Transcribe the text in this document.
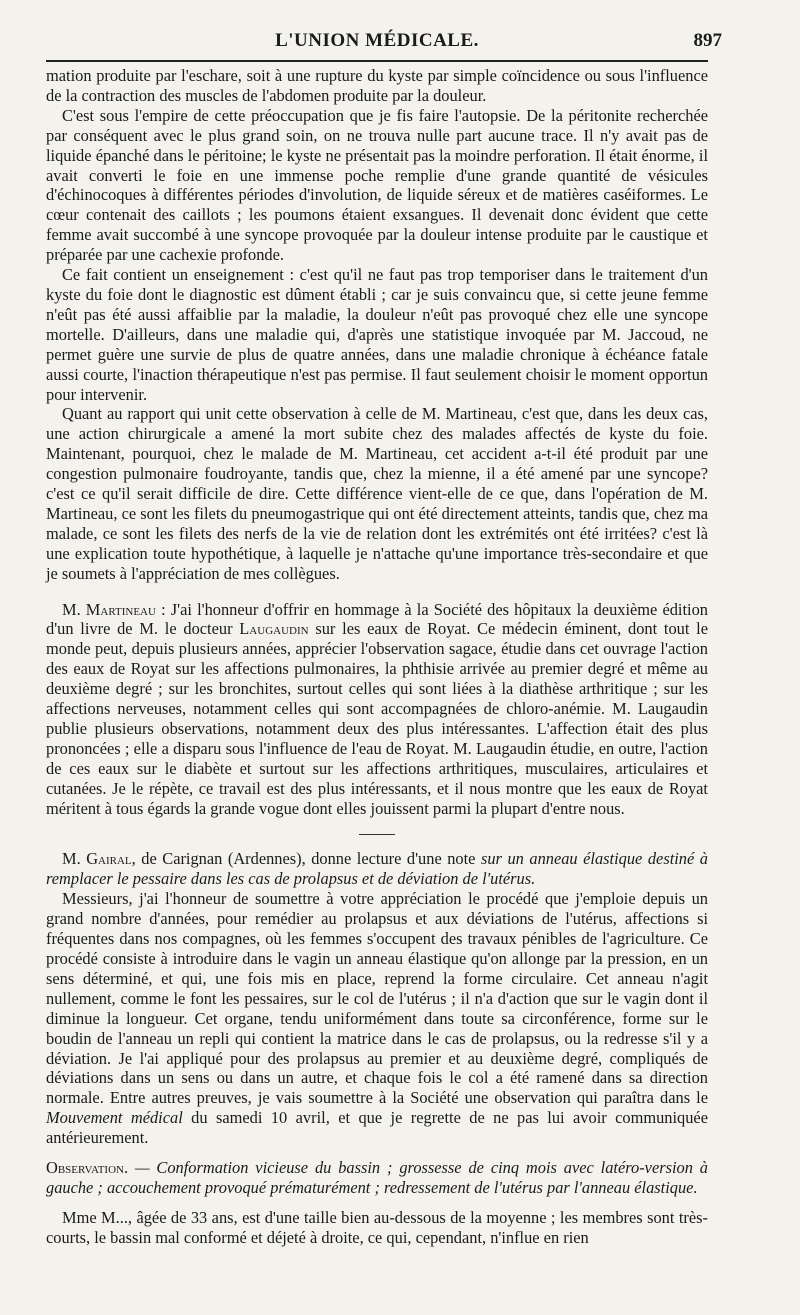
L'UNION MÉDICALE.	897

mation produite par l'eschare, soit à une rupture du kyste par simple coïncidence ou sous l'influence de la contraction des muscles de l'abdomen produite par la douleur.

C'est sous l'empire de cette préoccupation que je fis faire l'autopsie. De la péritonite recherchée par conséquent avec le plus grand soin, on ne trouva nulle part aucune trace. Il n'y avait pas de liquide épanché dans le péritoine; le kyste ne présentait pas la moindre perforation. Il était énorme, il avait converti le foie en une immense poche remplie d'une grande quantité de vésicules d'échinocoques à différentes périodes d'involution, de liquide séreux et de matières caséiformes. Le cœur contenait des caillots ; les poumons étaient exsangues. Il devenait donc évident que cette femme avait succombé à une syncope provoquée par la douleur intense produite par le caustique et préparée par une cachexie profonde.

Ce fait contient un enseignement : c'est qu'il ne faut pas trop temporiser dans le traitement d'un kyste du foie dont le diagnostic est dûment établi ; car je suis convaincu que, si cette jeune femme n'eût pas été aussi affaiblie par la maladie, la douleur n'eût pas provoqué chez elle une syncope mortelle. D'ailleurs, dans une maladie qui, d'après une statistique invoquée par M. Jaccoud, ne permet guère une survie de plus de quatre années, dans une maladie chronique à échéance fatale aussi courte, l'inaction thérapeutique n'est pas permise. Il faut seulement choisir le moment opportun pour intervenir.

Quant au rapport qui unit cette observation à celle de M. Martineau, c'est que, dans les deux cas, une action chirurgicale a amené la mort subite chez des malades affectés de kyste du foie. Maintenant, pourquoi, chez le malade de M. Martineau, cet accident a-t-il été produit par une congestion pulmonaire foudroyante, tandis que, chez la mienne, il a été amené par une syncope? c'est ce qu'il serait difficile de dire. Cette différence vient-elle de ce que, dans l'opération de M. Martineau, ce sont les filets du pneumogastrique qui ont été directement atteints, tandis que, chez ma malade, ce sont les filets des nerfs de la vie de relation dont les extrémités ont été irritées? c'est là une explication toute hypothétique, à laquelle je n'attache qu'une importance très-secondaire et que je soumets à l'appréciation de mes collègues.

M. Martineau : J'ai l'honneur d'offrir en hommage à la Société des hôpitaux la deuxième édition d'un livre de M. le docteur Laugaudin sur les eaux de Royat. Ce médecin éminent, dont tout le monde peut, depuis plusieurs années, apprécier l'observation sagace, étudie dans cet ouvrage l'action des eaux de Royat sur les affections pulmonaires, la phthisie arrivée au premier degré et même au deuxième degré ; sur les bronchites, surtout celles qui sont liées à la diathèse arthritique ; sur les affections nerveuses, notamment celles qui sont accompagnées de chloro-anémie. M. Laugaudin publie plusieurs observations, notamment deux des plus intéressantes. L'affection était des plus prononcées ; elle a disparu sous l'influence de l'eau de Royat. M. Laugaudin étudie, en outre, l'action de ces eaux sur le diabète et surtout sur les affections arthritiques, musculaires, articulaires et cutanées. Je le répète, ce travail est des plus intéressants, et il nous montre que les eaux de Royat méritent à tous égards la grande vogue dont elles jouissent parmi la plupart d'entre nous.

M. Gairal, de Carignan (Ardennes), donne lecture d'une note sur un anneau élastique destiné à remplacer le pessaire dans les cas de prolapsus et de déviation de l'utérus.

Messieurs, j'ai l'honneur de soumettre à votre appréciation le procédé que j'emploie depuis un grand nombre d'années, pour remédier au prolapsus et aux déviations de l'utérus, affections si fréquentes dans nos compagnes, où les femmes s'occupent des travaux pénibles de l'agriculture. Ce procédé consiste à introduire dans le vagin un anneau élastique qu'on allonge par la pression, en un sens déterminé, et qui, une fois mis en place, reprend la forme circulaire. Cet anneau n'agit nullement, comme le font les pessaires, sur le col de l'utérus ; il n'a d'action que sur le vagin dont il diminue la longueur. Cet organe, tendu uniformément dans toute sa circonférence, forme sur le boudin de l'anneau un repli qui contient la matrice dans le cas de prolapsus, ou la redresse s'il y a déviation. Je l'ai appliqué pour des prolapsus au premier et au deuxième degré, compliqués de déviations dans un sens ou dans un autre, et chaque fois le col a été ramené dans sa direction normale. Entre autres preuves, je vais soumettre à la Société une observation qui paraîtra dans le Mouvement médical du samedi 10 avril, et que je regrette de ne pas lui avoir communiquée antérieurement.

Observation. — Conformation vicieuse du bassin ; grossesse de cinq mois avec latéro-version à gauche ; accouchement provoqué prématurément ; redressement de l'utérus par l'anneau élastique.

Mme M..., âgée de 33 ans, est d'une taille bien au-dessous de la moyenne ; les membres sont très-courts, le bassin mal conformé et déjeté à droite, ce qui, cependant, n'influe en rien
